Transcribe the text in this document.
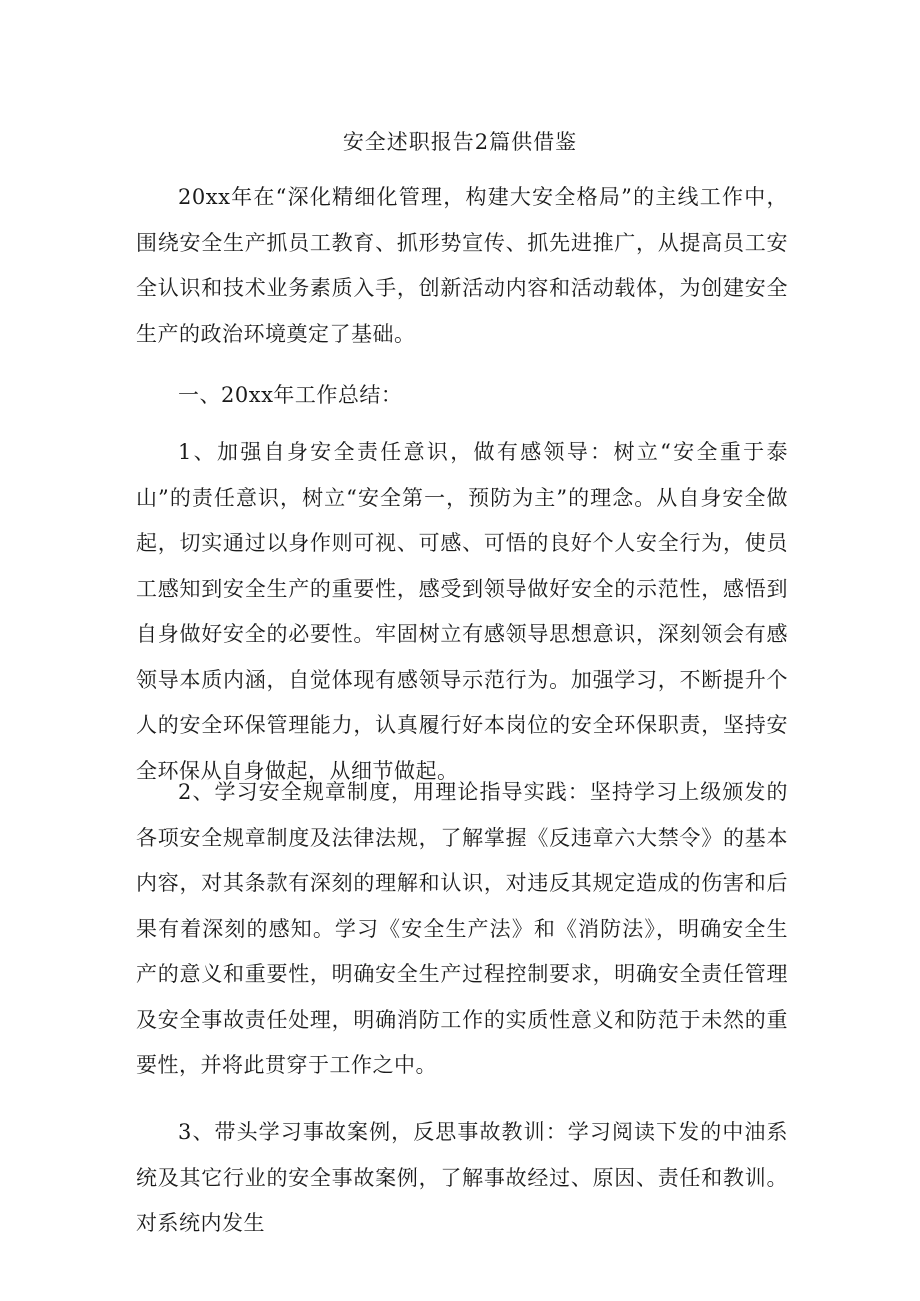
安全述职报告2篇供借鉴

20xx年在“深化精细化管理，构建大安全格局”的主线工作中，围绕安全生产抓员工教育、抓形势宣传、抓先进推广，从提高员工安全认识和技术业务素质入手，创新活动内容和活动载体，为创建安全生产的政治环境奠定了基础。

一、20xx年工作总结：

1、加强自身安全责任意识，做有感领导：树立“安全重于泰山”的责任意识，树立“安全第一，预防为主”的理念。从自身安全做起，切实通过以身作则可视、可感、可悟的良好个人安全行为，使员工感知到安全生产的重要性，感受到领导做好安全的示范性，感悟到自身做好安全的必要性。牢固树立有感领导思想意识，深刻领会有感领导本质内涵，自觉体现有感领导示范行为。加强学习，不断提升个人的安全环保管理能力，认真履行好本岗位的安全环保职责，坚持安全环保从自身做起，从细节做起。

2、学习安全规章制度，用理论指导实践：坚持学习上级颁发的各项安全规章制度及法律法规，了解掌握《反违章六大禁令》的基本内容，对其条款有深刻的理解和认识，对违反其规定造成的伤害和后果有着深刻的感知。学习《安全生产法》和《消防法》，明确安全生产的意义和重要性，明确安全生产过程控制要求，明确安全责任管理及安全事故责任处理，明确消防工作的实质性意义和防范于未然的重要性，并将此贯穿于工作之中。

3、带头学习事故案例，反思事故教训：学习阅读下发的中油系统及其它行业的安全事故案例，了解事故经过、原因、责任和教训。对系统内发生
